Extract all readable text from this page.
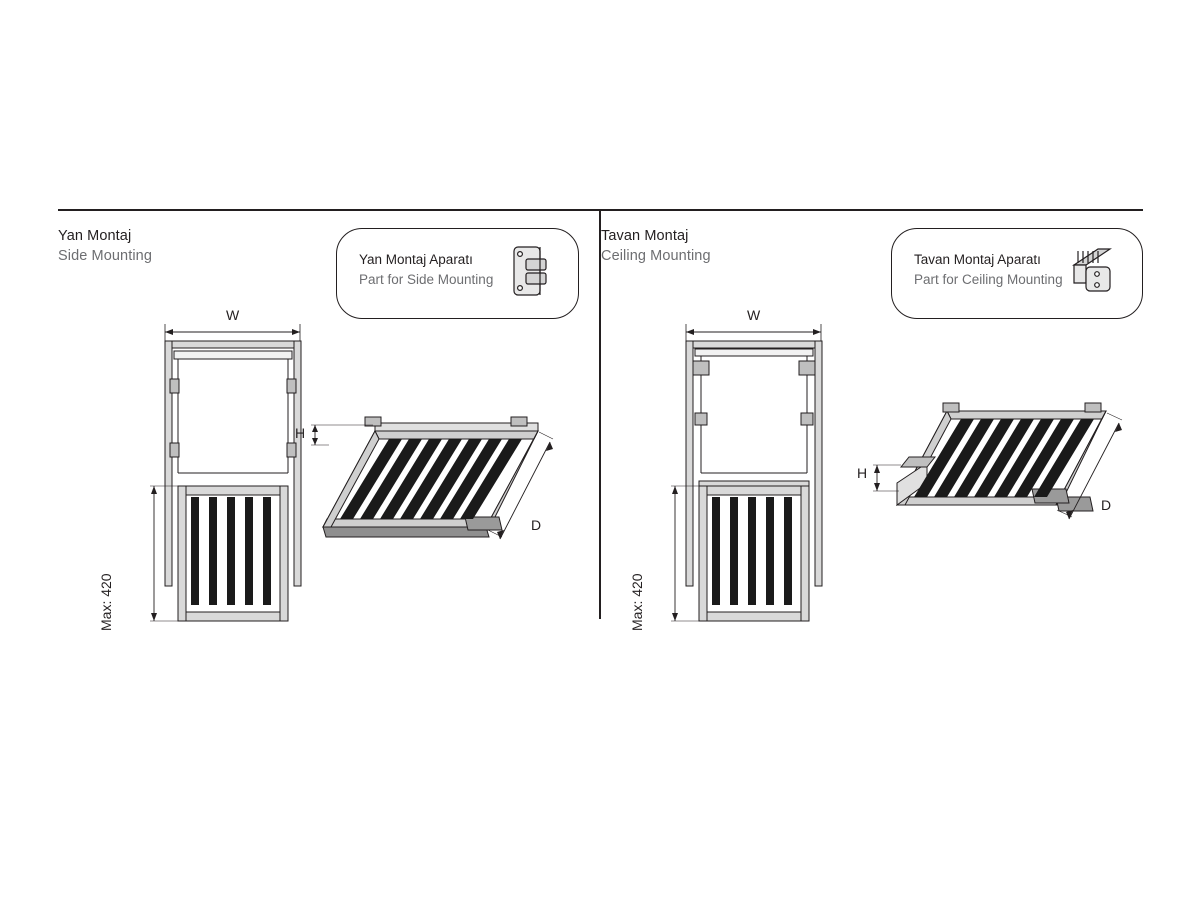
Yan Montaj
Side Mounting	Yan Montaj Aparatı
Part for Side Mounting
W
Max: 420
H
D
Tavan Montaj
Ceiling Mounting	Tavan Montaj Aparatı
Part for Ceiling Mounting
W
Max: 420
H
D
